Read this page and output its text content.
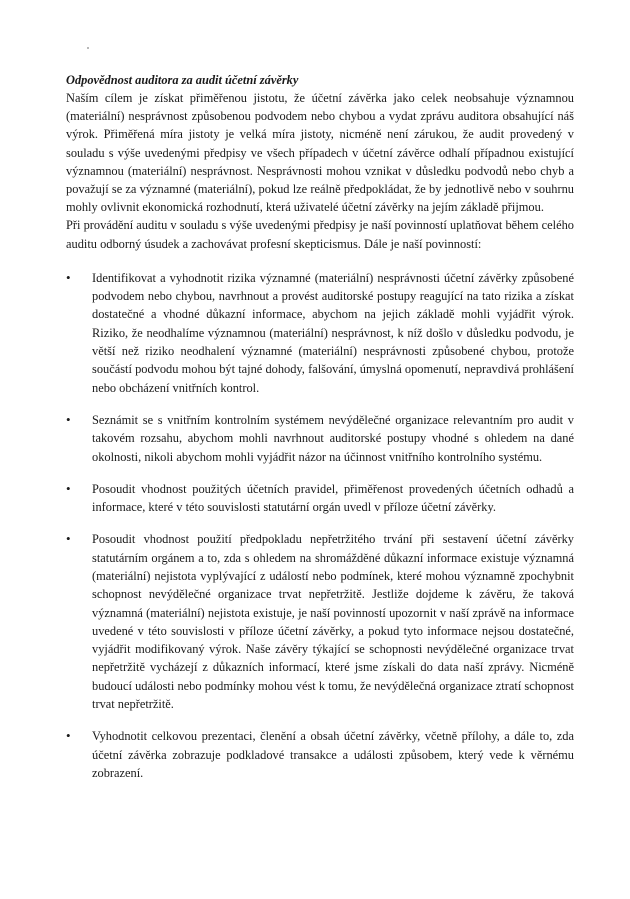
Odpovědnost auditora za audit účetní závěrky

Naším cílem je získat přiměřenou jistotu, že účetní závěrka jako celek neobsahuje významnou (materiální) nesprávnost způsobenou podvodem nebo chybou a vydat zprávu auditora obsahující náš výrok. Přiměřená míra jistoty je velká míra jistoty, nicméně není zárukou, že audit provedený v souladu s výše uvedenými předpisy ve všech případech v účetní závěrce odhalí případnou existující významnou (materiální) nesprávnost. Nesprávnosti mohou vznikat v důsledku podvodů nebo chyb a považují se za významné (materiální), pokud lze reálně předpokládat, že by jednotlivě nebo v souhrnu mohly ovlivnit ekonomická rozhodnutí, která uživatelé účetní závěrky na jejím základě přijmou.

Při provádění auditu v souladu s výše uvedenými předpisy je naší povinností uplatňovat během celého auditu odborný úsudek a zachovávat profesní skepticismus. Dále je naší povinností:

• Identifikovat a vyhodnotit rizika významné (materiální) nesprávnosti účetní závěrky způsobené podvodem nebo chybou, navrhnout a provést auditorské postupy reagující na tato rizika a získat dostatečné a vhodné důkazní informace, abychom na jejich základě mohli vyjádřit výrok. Riziko, že neodhalíme významnou (materiální) nesprávnost, k níž došlo v důsledku podvodu, je větší než riziko neodhalení významné (materiální) nesprávnosti způsobené chybou, protože součástí podvodu mohou být tajné dohody, falšování, úmyslná opomenutí, nepravdivá prohlášení nebo obcházení vnitřních kontrol.
• Seznámit se s vnitřním kontrolním systémem nevýdělečné organizace relevantním pro audit v takovém rozsahu, abychom mohli navrhnout auditorské postupy vhodné s ohledem na dané okolnosti, nikoli abychom mohli vyjádřit názor na účinnost vnitřního kontrolního systému.
• Posoudit vhodnost použitých účetních pravidel, přiměřenost provedených účetních odhadů a informace, které v této souvislosti statutární orgán uvedl v příloze účetní závěrky.
• Posoudit vhodnost použití předpokladu nepřetržitého trvání při sestavení účetní závěrky statutárním orgánem a to, zda s ohledem na shromážděné důkazní informace existuje významná (materiální) nejistota vyplývající z událostí nebo podmínek, které mohou významně zpochybnit schopnost nevýdělečné organizace trvat nepřetržitě. Jestliže dojdeme k závěru, že taková významná (materiální) nejistota existuje, je naší povinností upozornit v naší zprávě na informace uvedené v této souvislosti v příloze účetní závěrky, a pokud tyto informace nejsou dostatečné, vyjádřit modifikovaný výrok. Naše závěry týkající se schopnosti nevýdělečné organizace trvat nepřetržitě vycházejí z důkazních informací, které jsme získali do data naší zprávy. Nicméně budoucí události nebo podmínky mohou vést k tomu, že nevýdělečná organizace ztratí schopnost trvat nepřetržitě.
• Vyhodnotit celkovou prezentaci, členění a obsah účetní závěrky, včetně přílohy, a dále to, zda účetní závěrka zobrazuje podkladové transakce a události způsobem, který vede k věrnému zobrazení.
